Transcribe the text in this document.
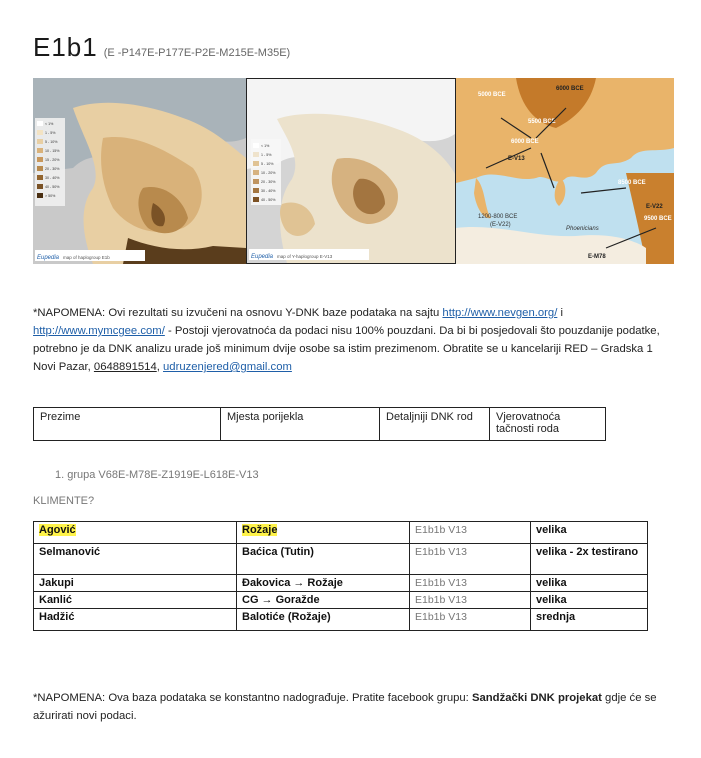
E1b1 (E -P147E-P177E-P2E-M215E-M35E)
< 1%
1 - 5%
5 - 10%
10 - 15%
15 - 20%
20 - 30%
30 - 40%
40 - 50%
> 50%
Eupedia map of haplogroup E1b
< 1%
1 - 5%
5 - 10%
10 - 20%
20 - 30%
30 - 40%
40 - 50%
Eupedia map of Y-haplogroup E-V13
5000 BCE
6000 BCE
5500 BCE
6000 BCE
E-V13
8500 BCE
E-V22
9500 BCE
1200-800 BCE
(E-V22)
Phoenicians
E-M78
*NAPOMENA: Ovi rezultati su izvučeni na osnovu Y-DNK baze podataka na sajtu http://www.nevgen.org/ i http://www.mymcgee.com/ - Postoji vjerovatnoća da podaci nisu 100% pouzdani. Da bi bi posjedovali što pouzdanije podatke, potrebno je da DNK analizu urade još minimum dvije osobe sa istim prezimenom. Obratite se u kancelariji RED – Gradska 1 Novi Pazar, 0648891514, udruzenjered@gmail.com
Prezime	Mjesta porijekla	Detaljniji DNK rod	Vjerovatnoća tačnosti roda
1. grupa V68E-M78E-Z1919E-L618E-V13
KLIMENTE?
Agović	Rožaje	E1b1b V13	velika
Selmanović	Baćica (Tutin)	E1b1b V13	velika - 2x testirano
Jakupi	Đakovica → Rožaje	E1b1b V13	velika
Kanlić	CG → Goražde	E1b1b V13	velika
Hadžić	Balotiće (Rožaje)	E1b1b V13	srednja
*NAPOMENA: Ova baza podataka se konstantno nadograđuje. Pratite facebook grupu: Sandžački DNK projekat gdje će se ažurirati novi podaci.
